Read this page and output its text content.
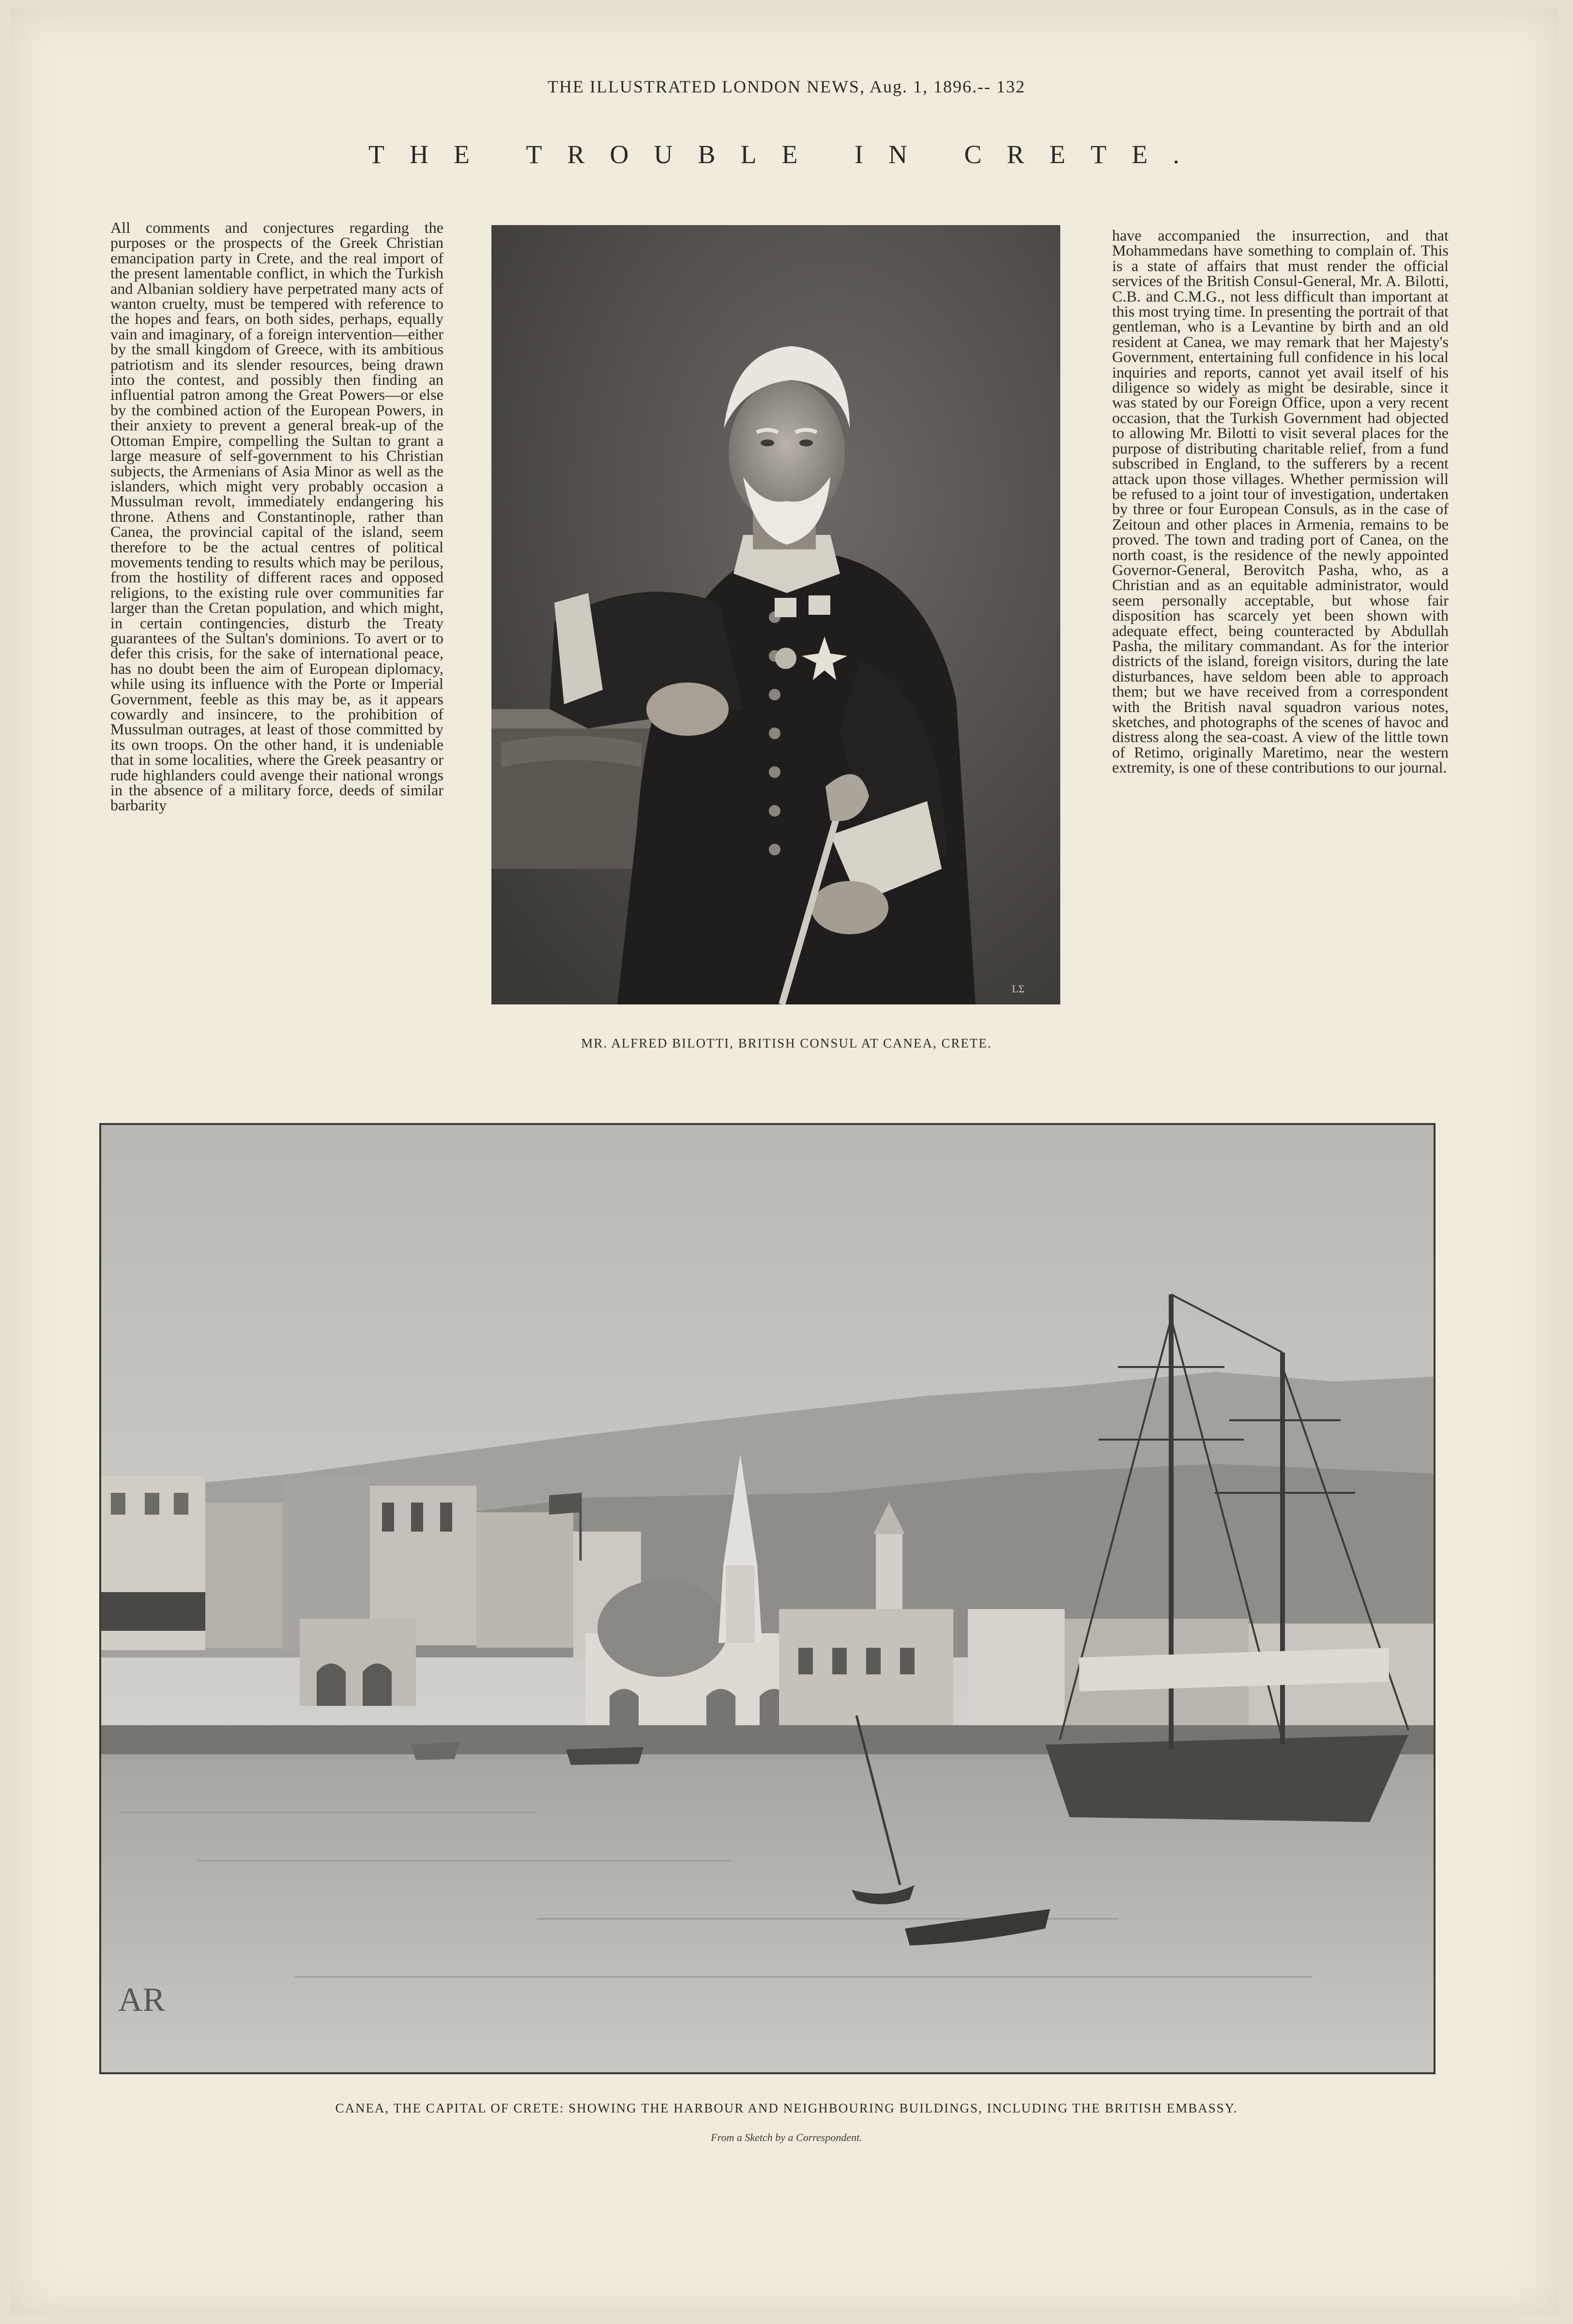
THE ILLUSTRATED LONDON NEWS, Aug. 1, 1896.-- 132
THE TROUBLE IN CRETE.

All comments and conjectures regarding the purposes or the prospects of the Greek Christian emancipation party in Crete, and the real import of the present lamentable conflict, in which the Turkish and Albanian soldiery have perpetrated many acts of wanton cruelty, must be tempered with reference to the hopes and fears, on both sides, perhaps, equally vain and imaginary, of a foreign intervention—either by the small kingdom of Greece, with its ambitious patriotism and its slender resources, being drawn into the contest, and possibly then finding an influential patron among the Great Powers—or else by the combined action of the European Powers, in their anxiety to prevent a general break-up of the Ottoman Empire, compelling the Sultan to grant a large measure of self-government to his Christian subjects, the Armenians of Asia Minor as well as the islanders, which might very probably occasion a Mussulman revolt, immediately endangering his throne. Athens and Constantinople, rather than Canea, the provincial capital of the island, seem therefore to be the actual centres of political movements tending to results which may be perilous, from the hostility of different races and opposed religions, to the existing rule over communities far larger than the Cretan population, and which might, in certain contingencies, disturb the Treaty guarantees of the Sultan's dominions. To avert or to defer this crisis, for the sake of international peace, has no doubt been the aim of European diplomacy, while using its influence with the Porte or Imperial Government, feeble as this may be, as it appears cowardly and insincere, to the prohibition of Mussulman outrages, at least of those committed by its own troops. On the other hand, it is undeniable that in some localities, where the Greek peasantry or rude highlanders could avenge their national wrongs in the absence of a military force, deeds of similar barbarity

LΣ

have accompanied the insurrection, and that Mohammedans have something to complain of. This is a state of affairs that must render the official services of the British Consul-General, Mr. A. Bilotti, C.B. and C.M.G., not less difficult than important at this most trying time. In presenting the portrait of that gentleman, who is a Levantine by birth and an old resident at Canea, we may remark that her Majesty's Government, entertaining full confidence in his local inquiries and reports, cannot yet avail itself of his diligence so widely as might be desirable, since it was stated by our Foreign Office, upon a very recent occasion, that the Turkish Government had objected to allowing Mr. Bilotti to visit several places for the purpose of distributing charitable relief, from a fund subscribed in England, to the sufferers by a recent attack upon those villages. Whether permission will be refused to a joint tour of investigation, undertaken by three or four European Consuls, as in the case of Zeitoun and other places in Armenia, remains to be proved. The town and trading port of Canea, on the north coast, is the residence of the newly appointed Governor-General, Berovitch Pasha, who, as a Christian and as an equitable administrator, would seem personally acceptable, but whose fair disposition has scarcely yet been shown with adequate effect, being counteracted by Abdullah Pasha, the military commandant. As for the interior districts of the island, foreign visitors, during the late disturbances, have seldom been able to approach them; but we have received from a correspondent with the British naval squadron various notes, sketches, and photographs of the scenes of havoc and distress along the sea-coast. A view of the little town of Retimo, originally Maretimo, near the western extremity, is one of these contributions to our journal.

MR. ALFRED BILOTTI, BRITISH CONSUL AT CANEA, CRETE.
AR
CANEA, THE CAPITAL OF CRETE: SHOWING THE HARBOUR AND NEIGHBOURING BUILDINGS, INCLUDING THE BRITISH EMBASSY.
From a Sketch by a Correspondent.
